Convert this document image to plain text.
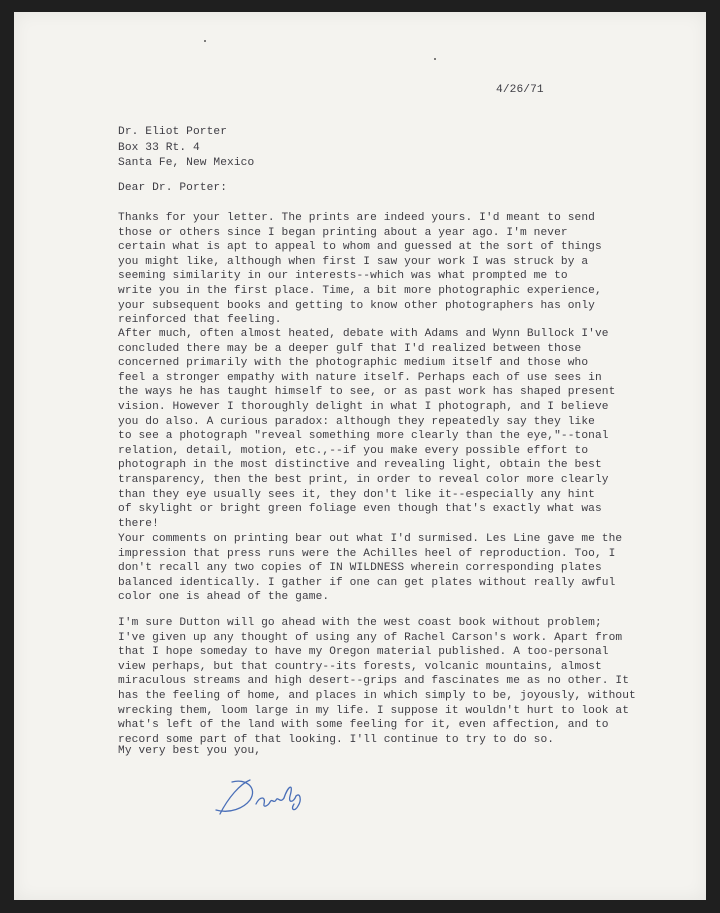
4/26/71

Dr. Eliot Porter
Box 33 Rt. 4
Santa Fe, New Mexico

Dear Dr. Porter:

Thanks for your letter. The prints are indeed yours. I'd meant to send
those or others since I began printing about a year ago. I'm never
certain what is apt to appeal to whom and guessed at the sort of things
you might like, although when first I saw your work I was struck by a
seeming similarity in our interests--which was what prompted me to
write you in the first place. Time, a bit more photographic experience,
your subsequent books and getting to know other photographers has only
reinforced that feeling.

After much, often almost heated, debate with Adams and Wynn Bullock I've
concluded there may be a deeper gulf that I'd realized between those
concerned primarily with the photographic medium itself and those who
feel a stronger empathy with nature itself. Perhaps each of use sees in
the ways he has taught himself to see, or as past work has shaped present
vision. However I thoroughly delight in what I photograph, and I believe
you do also. A curious paradox: although they repeatedly say they like
to see a photograph "reveal something more clearly than the eye,"--tonal
relation, detail, motion, etc.,--if you make every possible effort to
photograph in the most distinctive and revealing light, obtain the best
transparency, then the best print, in order to reveal color more clearly
than they eye usually sees it, they don't like it--especially any hint
of skylight or bright green foliage even though that's exactly what was
there!

Your comments on printing bear out what I'd surmised. Les Line gave me the
impression that press runs were the Achilles heel of reproduction. Too, I
don't recall any two copies of IN WILDNESS wherein corresponding plates
balanced identically. I gather if one can get plates without really awful
color one is ahead of the game.

I'm sure Dutton will go ahead with the west coast book without problem;
I've given up any thought of using any of Rachel Carson's work. Apart from
that I hope someday to have my Oregon material published. A too-personal
view perhaps, but that country--its forests, volcanic mountains, almost
miraculous streams and high desert--grips and fascinates me as no other. It
has the feeling of home, and places in which simply to be, joyously, without
wrecking them, loom large in my life. I suppose it wouldn't hurt to look at
what's left of the land with some feeling for it, even affection, and to
record some part of that looking. I'll continue to try to do so.

My very best you you,
